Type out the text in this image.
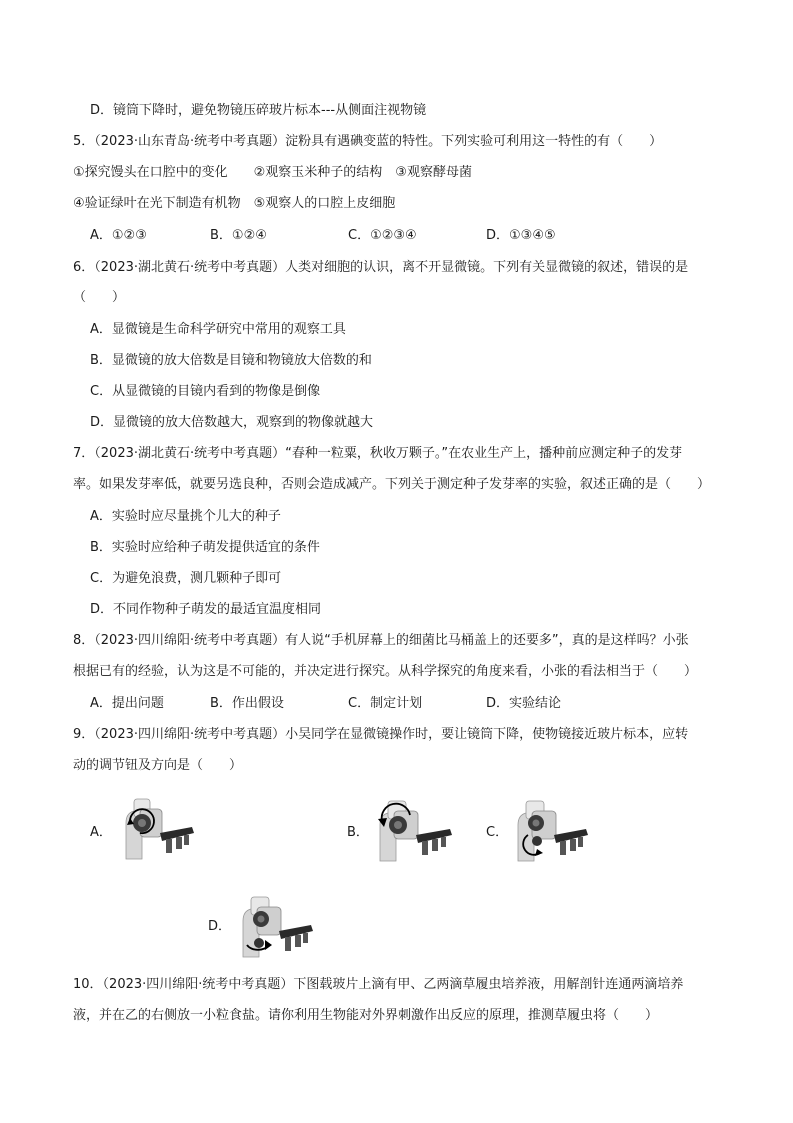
D．镜筒下降时，避免物镜压碎玻片标本---从侧面注视物镜
5．（2023·山东青岛·统考中考真题）淀粉具有遇碘变蓝的特性。下列实验可利用这一特性的有（　　）
①探究馒头在口腔中的变化　　②观察玉米种子的结构　③观察酵母菌
④验证绿叶在光下制造有机物　⑤观察人的口腔上皮细胞
A．①②③	B．①②④	C．①②③④	D．①③④⑤
6．（2023·湖北黄石·统考中考真题）人类对细胞的认识，离不开显微镜。下列有关显微镜的叙述，错误的是
（　　）
A．显微镜是生命科学研究中常用的观察工具
B．显微镜的放大倍数是目镜和物镜放大倍数的和
C．从显微镜的目镜内看到的物像是倒像
D．显微镜的放大倍数越大，观察到的物像就越大
7．（2023·湖北黄石·统考中考真题）“春种一粒粟，秋收万颗子。”在农业生产上，播种前应测定种子的发芽
率。如果发芽率低，就要另选良种，否则会造成减产。下列关于测定种子发芽率的实验，叙述正确的是（　　）
A．实验时应尽量挑个儿大的种子
B．实验时应给种子萌发提供适宜的条件
C．为避免浪费，测几颗种子即可
D．不同作物种子萌发的最适宜温度相同
8．（2023·四川绵阳·统考中考真题）有人说“手机屏幕上的细菌比马桶盖上的还要多”，真的是这样吗？小张
根据已有的经验，认为这是不可能的，并决定进行探究。从科学探究的角度来看，小张的看法相当于（　　）
A．提出问题	B．作出假设	C．制定计划	D．实验结论
9．（2023·四川绵阳·统考中考真题）小吴同学在显微镜操作时，要让镜筒下降，使物镜接近玻片标本，应转
动的调节钮及方向是（　　）
A．	B．	C．
D．
10．（2023·四川绵阳·统考中考真题）下图载玻片上滴有甲、乙两滴草履虫培养液，用解剖针连通两滴培养
液，并在乙的右侧放一小粒食盐。请你利用生物能对外界刺激作出反应的原理，推测草履虫将（　　）
